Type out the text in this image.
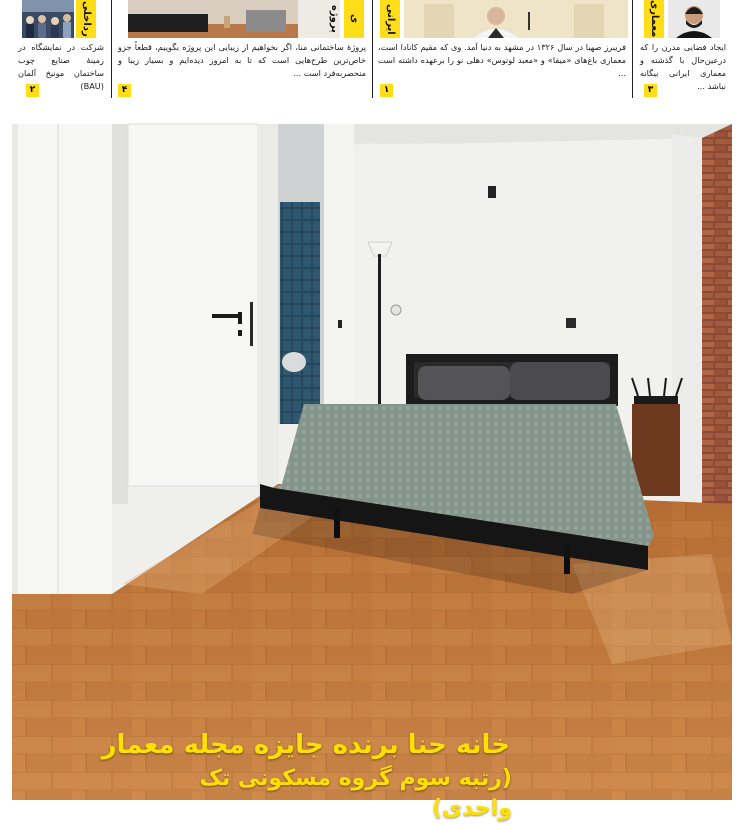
رداخلی

شرکت در نمایشگاه در زمینهٔ صنایع چوب ساختمان مونیخ آلمان (BAU)

۲
ی پروژه

پروژهٔ ساختمانی منا، اگر بخواهیم از زیبایی این پروژه بگوییم، قطعاً جزو خاص‌ترین طرح‌هایی است که تا به امروز دیده‌ایم و بسیار زیبا و منحصربه‌فرد است ...

۴
ایرانی

فریبرز صهبا در سال ۱۳۲۶ در مشهد به دنیا آمد. وی که مقیم کانادا است، معماری باغ‌های «میقا» و «معبد لوتوس» دهلی نو را برعهده داشته است ...

۱
معماری

ایجاد فضایی مدرن را که درعین‌حال با گذشته و معماری ایرانی بیگانه نباشد ...

۳
خانه حنا برنده جایزه مجله معمار
(رتبه سوم گروه مسکونی تک واحدی)
